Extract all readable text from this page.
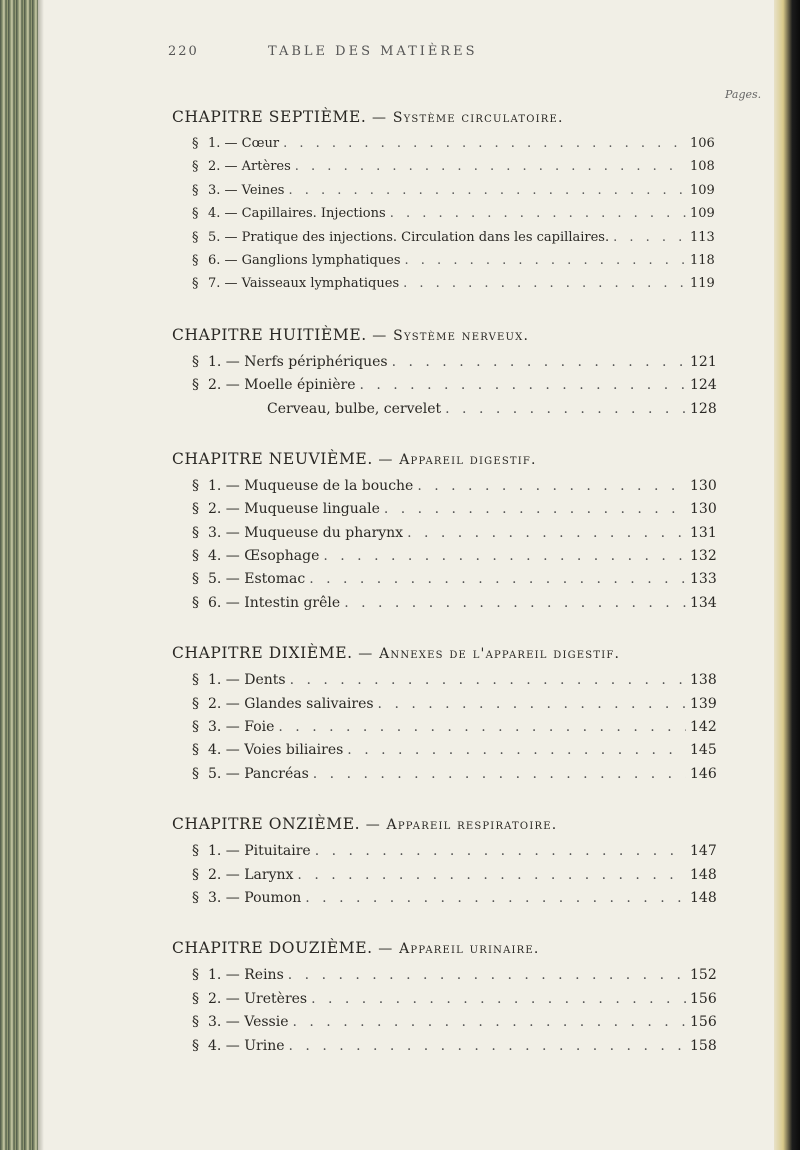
220	TABLE DES MATIÈRES
Pages.
CHAPITRE SEPTIÈME. — Système circulatoire.
§ 1. — Cœur . . .	106
§ 2. — Artères . . .	108
§ 3. — Veines . . .	109
§ 4. — Capillaires. Injections . . .	109
§ 5. — Pratique des injections. Circulation dans les capillaires. . . .	113
§ 6. — Ganglions lymphatiques . . .	118
§ 7. — Vaisseaux lymphatiques . . .	119
CHAPITRE HUITIÈME. — Système nerveux.
§ 1. — Nerfs périphériques . . .	121
§ 2. — Moelle épinière . . .	124
Cerveau, bulbe, cervelet . . .	128
CHAPITRE NEUVIÈME. — Appareil digestif.
§ 1. — Muqueuse de la bouche . . .	130
§ 2. — Muqueuse linguale . . .	130
§ 3. — Muqueuse du pharynx . . .	131
§ 4. — Œsophage . . .	132
§ 5. — Estomac . . .	133
§ 6. — Intestin grêle . . .	134
CHAPITRE DIXIÈME. — Annexes de l'appareil digestif.
§ 1. — Dents . . .	138
§ 2. — Glandes salivaires . . .	139
§ 3. — Foie . . .	142
§ 4. — Voies biliaires . . .	145
§ 5. — Pancréas . . .	146
CHAPITRE ONZIÈME. — Appareil respiratoire.
§ 1. — Pituitaire . . .	147
§ 2. — Larynx . . .	148
§ 3. — Poumon . . .	148
CHAPITRE DOUZIÈME. — Appareil urinaire.
§ 1. — Reins . . .	152
§ 2. — Uretères . . .	156
§ 3. — Vessie . . .	156
§ 4. — Urine . . .	158
